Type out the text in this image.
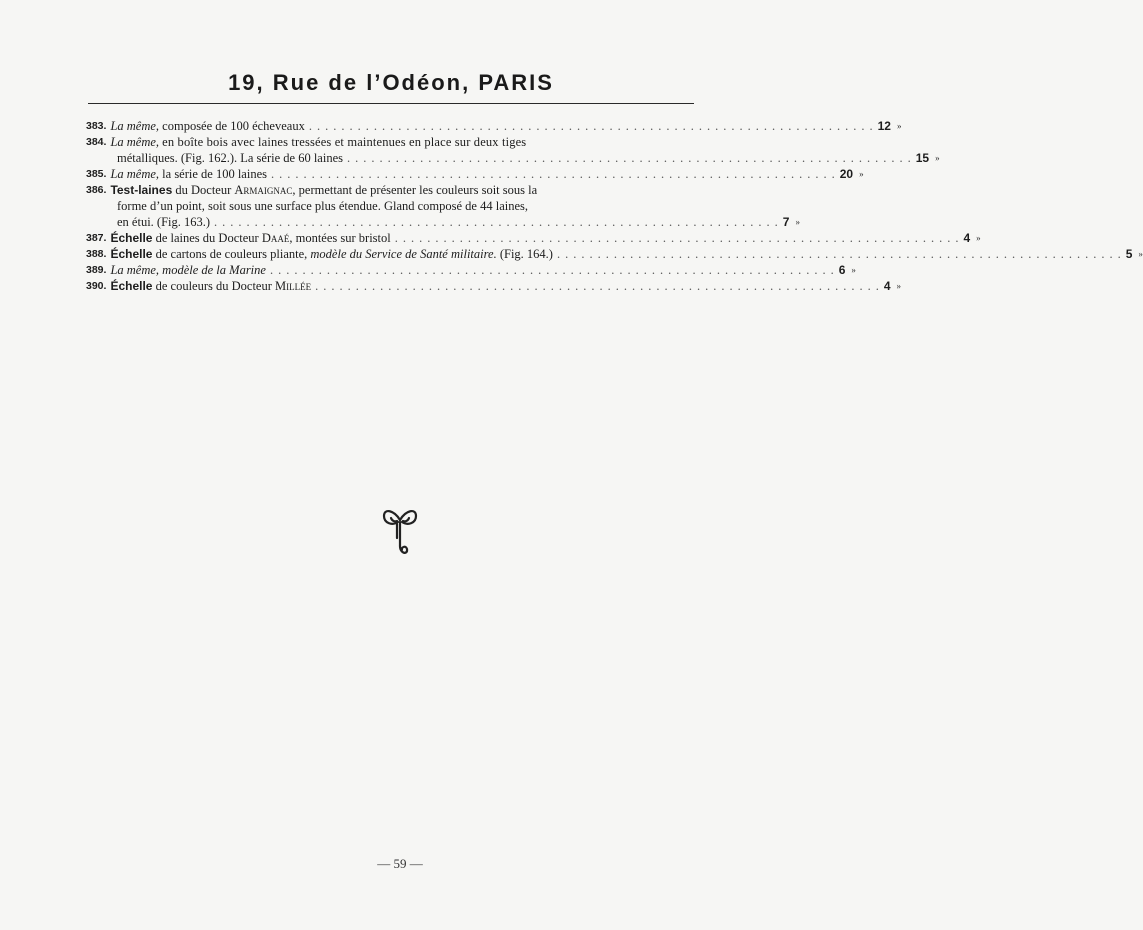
19, Rue de l’Odéon, PARIS
383. La même,
composée de 100 écheveaux ...................................................................... 12 »
384. La même,
en boîte bois avec laines tressées et maintenues en place sur deux tiges
métalliques. (Fig. 162.). La série de 60 laines ...................................................................... 15 »
385. La même,
la série de 100 laines ...................................................................... 20 »
386. Test-laines
du Docteur
Armaignac , permettant de présenter les couleurs soit sous la
forme d’un point, soit sous une surface plus étendue. Gland composé de 44 laines,
en étui. (Fig. 163.) ...................................................................... 7 »
387. Échelle
de laines du Docteur
Daaé , montées sur bristol ...................................................................... 4 »
388. Échelle
de cartons de couleurs pliante,
modèle du Service de Santé militaire.
(Fig. 164.) ...................................................................... 5 »
389. La même, modèle de la Marine ...................................................................... 6 »
390. Échelle
de couleurs du Docteur
Millée ...................................................................... 4 »
— 59 —
